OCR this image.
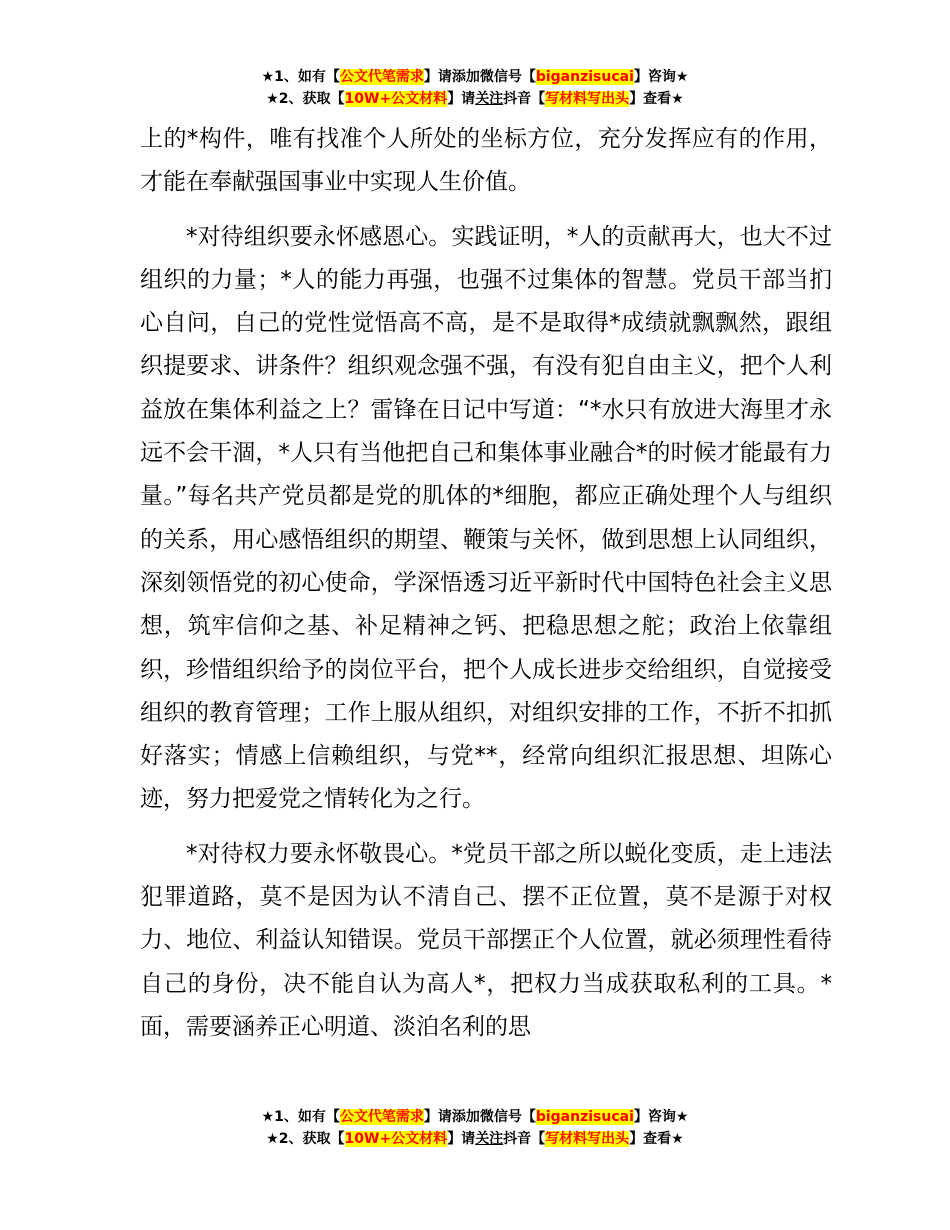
★1、如有【公文代笔需求】请添加微信号【biganzisucai】咨询★
★2、获取【10W+公文材料】请关注抖音【写材料写出头】查看★

上的*构件，唯有找准个人所处的坐标方位，充分发挥应有的作用，才能在奉献强国事业中实现人生价值。

*对待组织要永怀感恩心。实践证明，*人的贡献再大，也大不过组织的力量；*人的能力再强，也强不过集体的智慧。党员干部当扪心自问，自己的党性觉悟高不高，是不是取得*成绩就飘飘然，跟组织提要求、讲条件？组织观念强不强，有没有犯自由主义，把个人利益放在集体利益之上？雷锋在日记中写道：“*水只有放进大海里才永远不会干涸，*人只有当他把自己和集体事业融合*的时候才能最有力量。”每名共产党员都是党的肌体的*细胞，都应正确处理个人与组织的关系，用心感悟组织的期望、鞭策与关怀，做到思想上认同组织，深刻领悟党的初心使命，学深悟透习近平新时代中国特色社会主义思想，筑牢信仰之基、补足精神之钙、把稳思想之舵；政治上依靠组织，珍惜组织给予的岗位平台，把个人成长进步交给组织，自觉接受组织的教育管理；工作上服从组织，对组织安排的工作，不折不扣抓好落实；情感上信赖组织，与党**，经常向组织汇报思想、坦陈心迹，努力把爱党之情转化为之行。

*对待权力要永怀敬畏心。*党员干部之所以蜕化变质，走上违法犯罪道路，莫不是因为认不清自己、摆不正位置，莫不是源于对权力、地位、利益认知错误。党员干部摆正个人位置，就必须理性看待自己的身份，决不能自认为高人*，把权力当成获取私利的工具。*面，需要涵养正心明道、淡泊名利的思

★1、如有【公文代笔需求】请添加微信号【biganzisucai】咨询★
★2、获取【10W+公文材料】请关注抖音【写材料写出头】查看★
